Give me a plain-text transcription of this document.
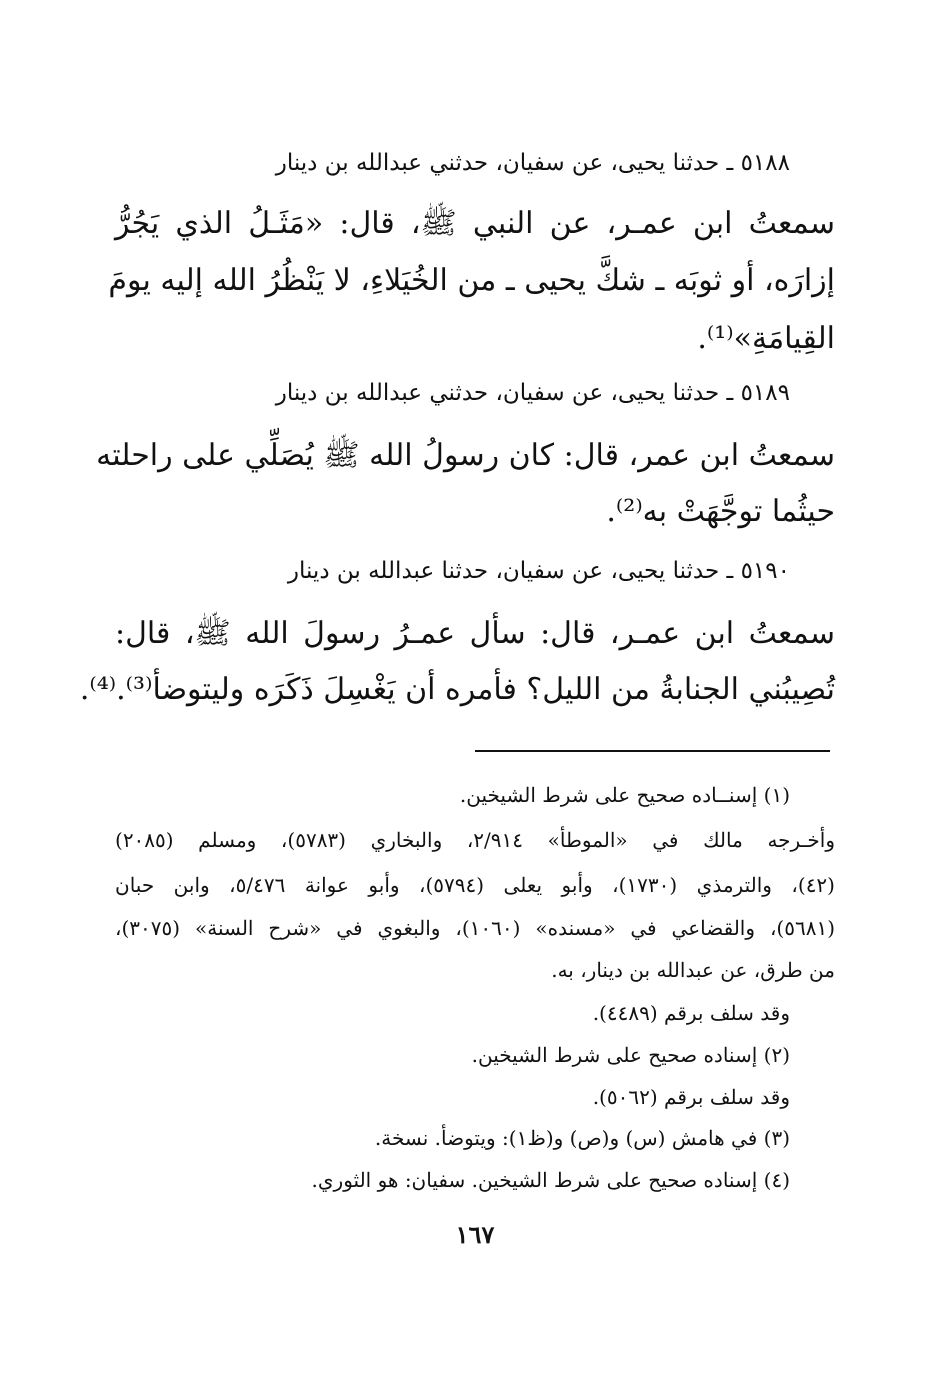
٥١٨٨ ـ حدثنا يحيى، عن سفيان، حدثني عبدالله بن دينار
سمعتُ ابن عمـر، عن النبي ﷺ، قال: «مَثَـلُ الذي يَجُرُّ
إزارَه، أو ثوبَه ـ شكَّ يحيى ـ من الخُيَلاءِ، لا يَنْظُرُ الله إليه يومَ
القِيامَةِ»⁽¹⁾.
٥١٨٩ ـ حدثنا يحيى، عن سفيان، حدثني عبدالله بن دينار
سمعتُ ابن عمر، قال: كان رسولُ الله ﷺ يُصَلِّي على راحلته
حيثُما توجَّهَتْ به⁽²⁾.
٥١٩٠ ـ حدثنا يحيى، عن سفيان، حدثنا عبدالله بن دينار
سمعتُ ابن عمـر، قال: سأل عمـرُ رسولَ الله ﷺ، قال:
تُصِيبُني الجنابةُ من الليل؟ فأمره أن يَغْسِلَ ذَكَرَه وليتوضأ⁽³⁾.⁽⁴⁾.
(١) إسنــاده صحيح على شرط الشيخين.
وأخـرجه مالك في «الموطأ» ٢/٩١٤، والبخاري (٥٧٨٣)، ومسلم (٢٠٨٥)
(٤٢)، والترمذي (١٧٣٠)، وأبو يعلى (٥٧٩٤)، وأبو عوانة ٥/٤٧٦، وابن حبان
(٥٦٨١)، والقضاعي في «مسنده» (١٠٦٠)، والبغوي في «شرح السنة» (٣٠٧٥)،
من طرق، عن عبدالله بن دينار، به.
وقد سلف برقم (٤٤٨٩).
(٢) إسناده صحيح على شرط الشيخين.
وقد سلف برقم (٥٠٦٢).
(٣) في هامش (س) و(ص) و(ظ١): ويتوضأ. نسخة.
(٤) إسناده صحيح على شرط الشيخين. سفيان: هو الثوري.
١٦٧
